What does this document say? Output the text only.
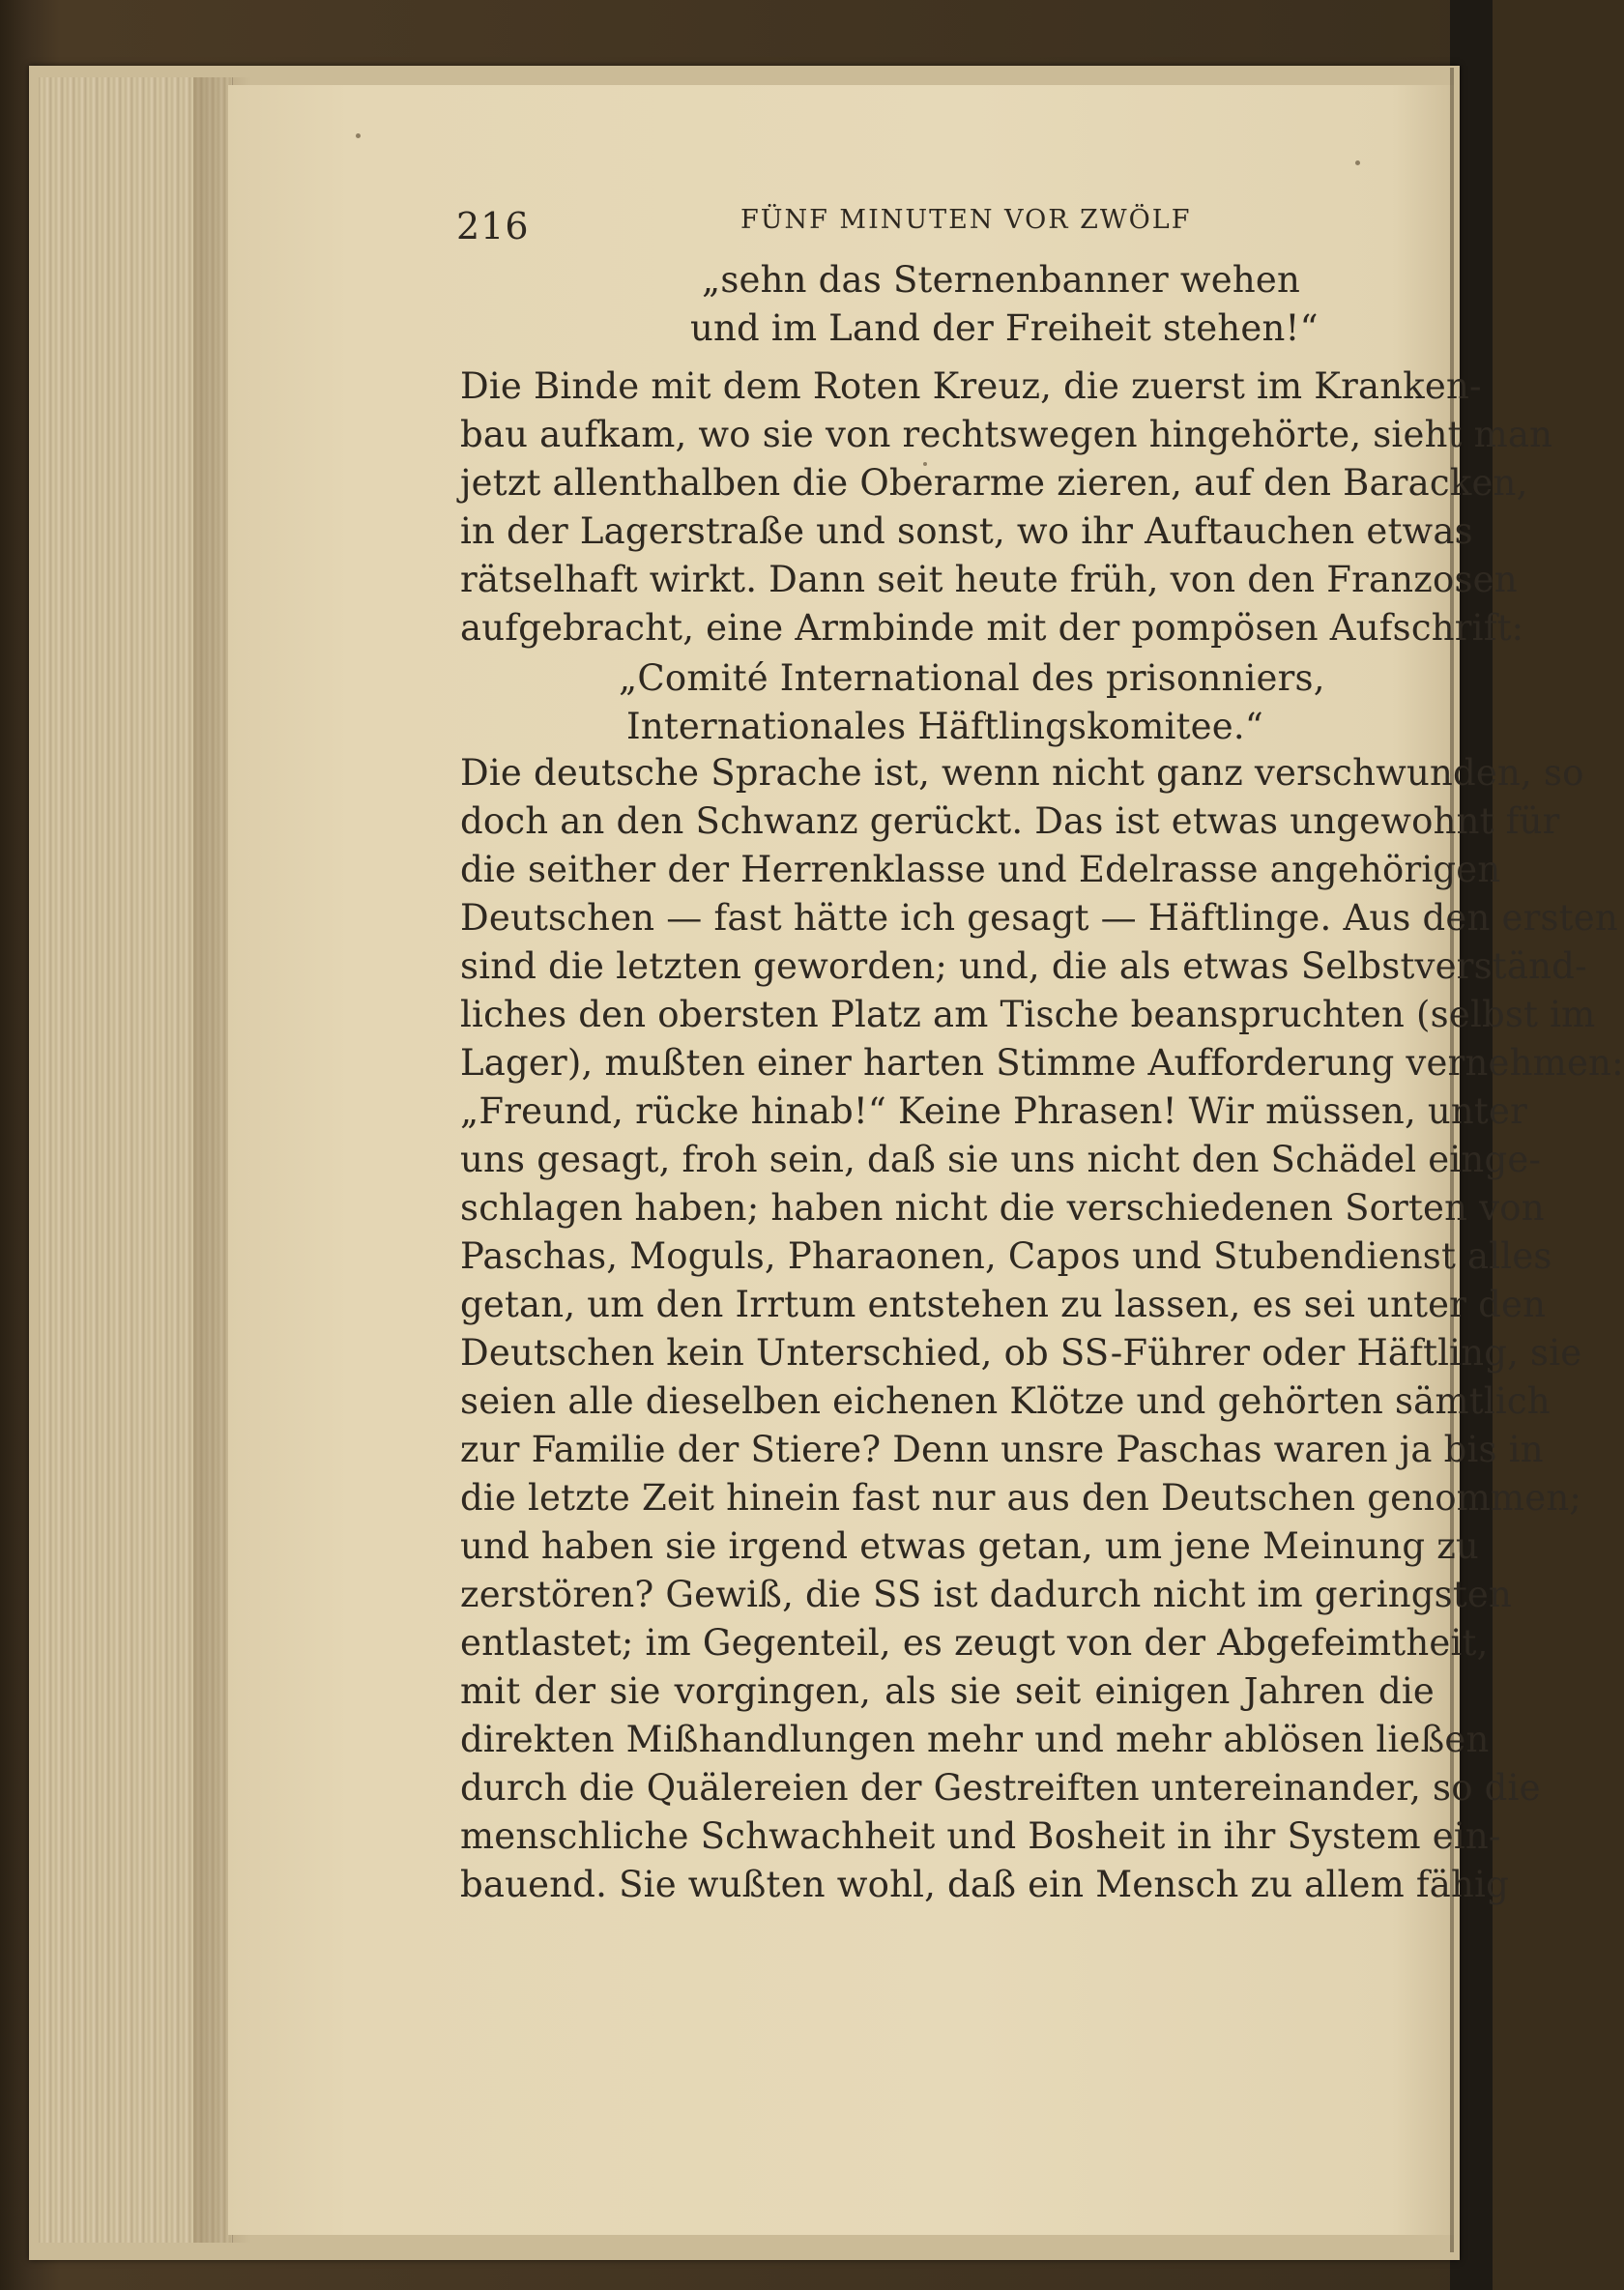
216	FÜNF MINUTEN VOR ZWÖLF
„sehn das Sternenbanner wehen
und im Land der Freiheit stehen!“
Die Binde mit dem Roten Kreuz, die zuerst im Kranken-
bau aufkam, wo sie von rechtswegen hingehörte, sieht man
jetzt allenthalben die Oberarme zieren, auf den Baracken,
in der Lagerstraße und sonst, wo ihr Auftauchen etwas
rätselhaft wirkt. Dann seit heute früh, von den Franzosen
aufgebracht, eine Armbinde mit der pompösen Aufschrift:
„Comité International des prisonniers,
Internationales Häftlingskomitee.“
Die deutsche Sprache ist, wenn nicht ganz verschwunden, so
doch an den Schwanz gerückt. Das ist etwas ungewohnt für
die seither der Herrenklasse und Edelrasse angehörigen
Deutschen — fast hätte ich gesagt — Häftlinge. Aus den ersten
sind die letzten geworden; und, die als etwas Selbstverständ-
liches den obersten Platz am Tische beanspruchten (selbst im
Lager), mußten einer harten Stimme Aufforderung vernehmen:
„Freund, rücke hinab!“ Keine Phrasen! Wir müssen, unter
uns gesagt, froh sein, daß sie uns nicht den Schädel einge-
schlagen haben; haben nicht die verschiedenen Sorten von
Paschas, Moguls, Pharaonen, Capos und Stubendienst alles
getan, um den Irrtum entstehen zu lassen, es sei unter den
Deutschen kein Unterschied, ob SS-Führer oder Häftling, sie
seien alle dieselben eichenen Klötze und gehörten sämtlich
zur Familie der Stiere? Denn unsre Paschas waren ja bis in
die letzte Zeit hinein fast nur aus den Deutschen genommen;
und haben sie irgend etwas getan, um jene Meinung zu
zerstören? Gewiß, die SS ist dadurch nicht im geringsten
entlastet; im Gegenteil, es zeugt von der Abgefeimtheit,
mit der sie vorgingen, als sie seit einigen Jahren die
direkten Mißhandlungen mehr und mehr ablösen ließen
durch die Quälereien der Gestreiften untereinander, so die
menschliche Schwachheit und Bosheit in ihr System ein-
bauend. Sie wußten wohl, daß ein Mensch zu allem fähig
